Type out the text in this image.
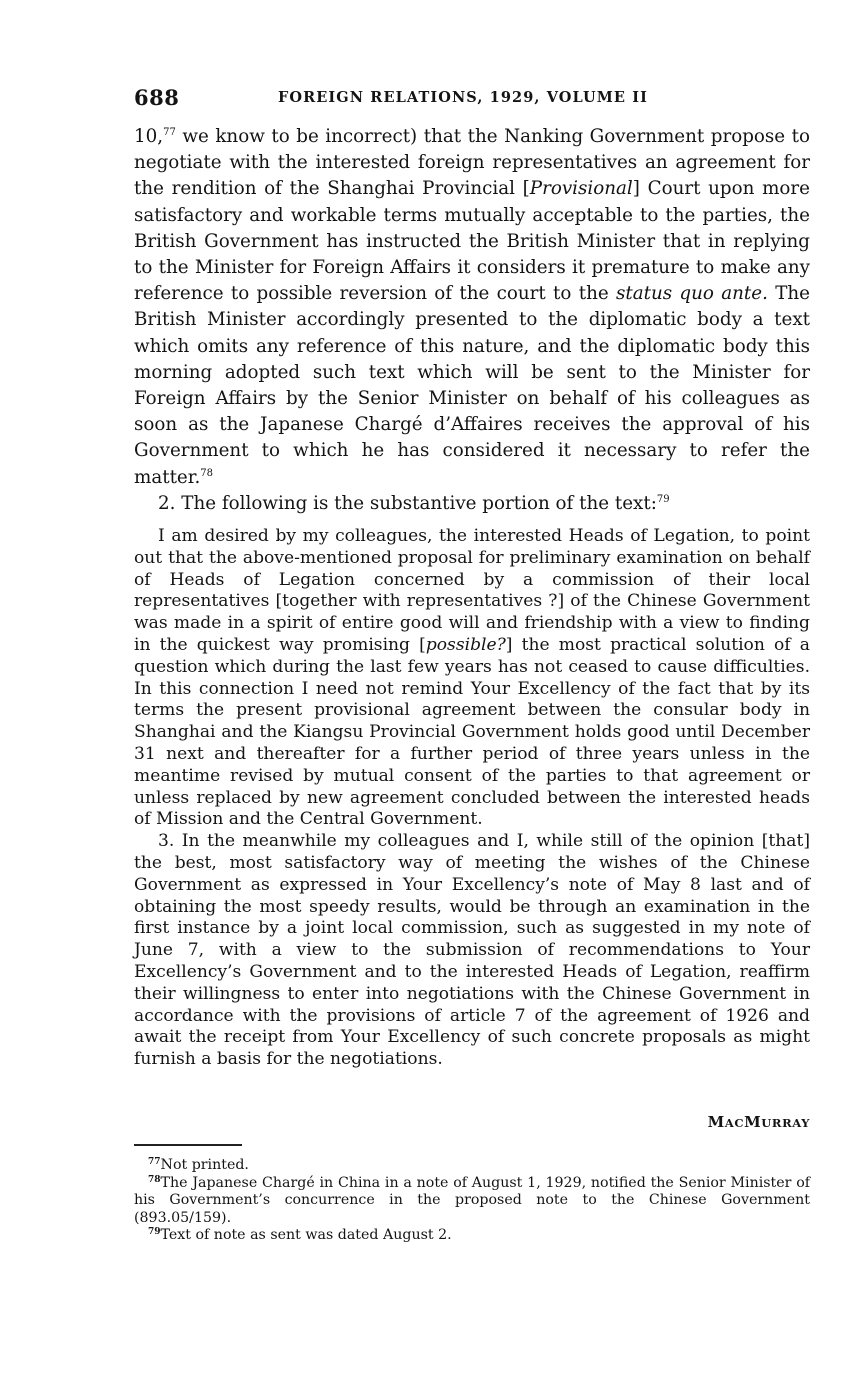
688	FOREIGN RELATIONS, 1929, VOLUME II

10,77 we know to be incorrect) that the Nanking Government propose to negotiate with the interested foreign representatives an agreement for the rendition of the Shanghai Provincial [Provisional] Court upon more satisfactory and workable terms mutually acceptable to the parties, the British Government has instructed the British Minister that in replying to the Minister for Foreign Affairs it considers it premature to make any reference to possible reversion of the court to the status quo ante. The British Minister accordingly presented to the diplomatic body a text which omits any reference of this nature, and the diplomatic body this morning adopted such text which will be sent to the Minister for Foreign Affairs by the Senior Minister on behalf of his colleagues as soon as the Japanese Chargé d’Affaires receives the approval of his Government to which he has considered it necessary to refer the matter.$^{78}$

2. The following is the substantive portion of the text:$^{79}$

I am desired by my colleagues, the interested Heads of Legation, to point out that the above-mentioned proposal for preliminary examination on behalf of Heads of Legation concerned by a commission of their local representatives [together with representatives ?] of the Chinese Government was made in a spirit of entire good will and friendship with a view to finding in the quickest way promising [possible?] the most practical solution of a question which during the last few years has not ceased to cause difficulties. In this connection I need not remind Your Excellency of the fact that by its terms the present provisional agreement between the consular body in Shanghai and the Kiangsu Provincial Government holds good until December 31 next and thereafter for a further period of three years unless in the meantime revised by mutual consent of the parties to that agreement or unless replaced by new agreement concluded between the interested heads of Mission and the Central Government.

3. In the meanwhile my colleagues and I, while still of the opinion [that] the best, most satisfactory way of meeting the wishes of the Chinese Government as expressed in Your Excellency’s note of May 8 last and of obtaining the most speedy results, would be through an examination in the first instance by a joint local commission, such as suggested in my note of June 7, with a view to the submission of recommendations to Your Excellency’s Government and to the interested Heads of Legation, reaffirm their willingness to enter into negotiations with the Chinese Government in accordance with the provisions of article 7 of the agreement of 1926 and await the receipt from Your Excellency of such concrete proposals as might furnish a basis for the negotiations.

MACMURRAY

$^{77}$Not printed.

$^{78}$The Japanese Chargé in China in a note of August 1, 1929, notified the Senior Minister of his Government’s concurrence in the proposed note to the Chinese Government (893.05/159).

$^{79}$Text of note as sent was dated August 2.
